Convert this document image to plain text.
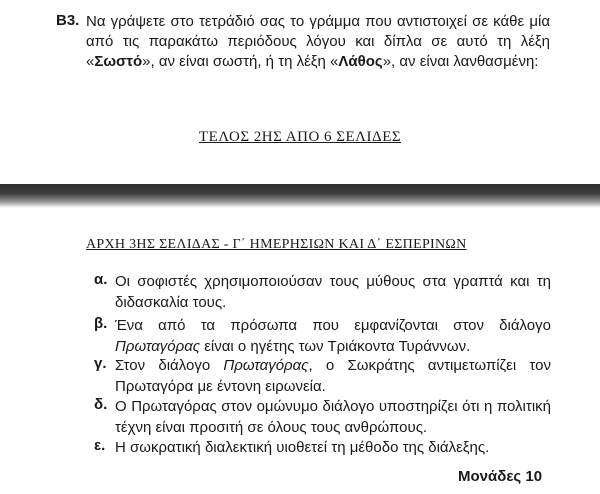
Β3. Να γράψετε στο τετράδιό σας το γράμμα που αντιστοιχεί σε κάθε μία από τις παρακάτω περιόδους λόγου και δίπλα σε αυτό τη λέξη «Σωστό», αν είναι σωστή, ή τη λέξη «Λάθος», αν είναι λανθασμένη:

ΤΕΛΟΣ 2ΗΣ ΑΠΟ 6 ΣΕΛΙΔΕΣ
ΑΡΧΗ 3ΗΣ ΣΕΛΙΔΑΣ - Γ΄ ΗΜΕΡΗΣΙΩΝ ΚΑΙ Δ΄ ΕΣΠΕΡΙΝΩΝ
α. Οι σοφιστές χρησιμοποιούσαν τους μύθους στα γραπτά και τη διδασκαλία τους.

β. Ένα από τα πρόσωπα που εμφανίζονται στον διάλογο Πρωταγόρας είναι ο ηγέτης των Τριάκοντα Τυράννων.

γ. Στον διάλογο Πρωταγόρας, ο Σωκράτης αντιμετωπίζει τον Πρωταγόρα με έντονη ειρωνεία.

δ. Ο Πρωταγόρας στον ομώνυμο διάλογο υποστηρίζει ότι η πολιτική τέχνη είναι προσιτή σε όλους τους ανθρώπους.

ε. Η σωκρατική διαλεκτική υιοθετεί τη μέθοδο της διάλεξης.

Μονάδες 10
